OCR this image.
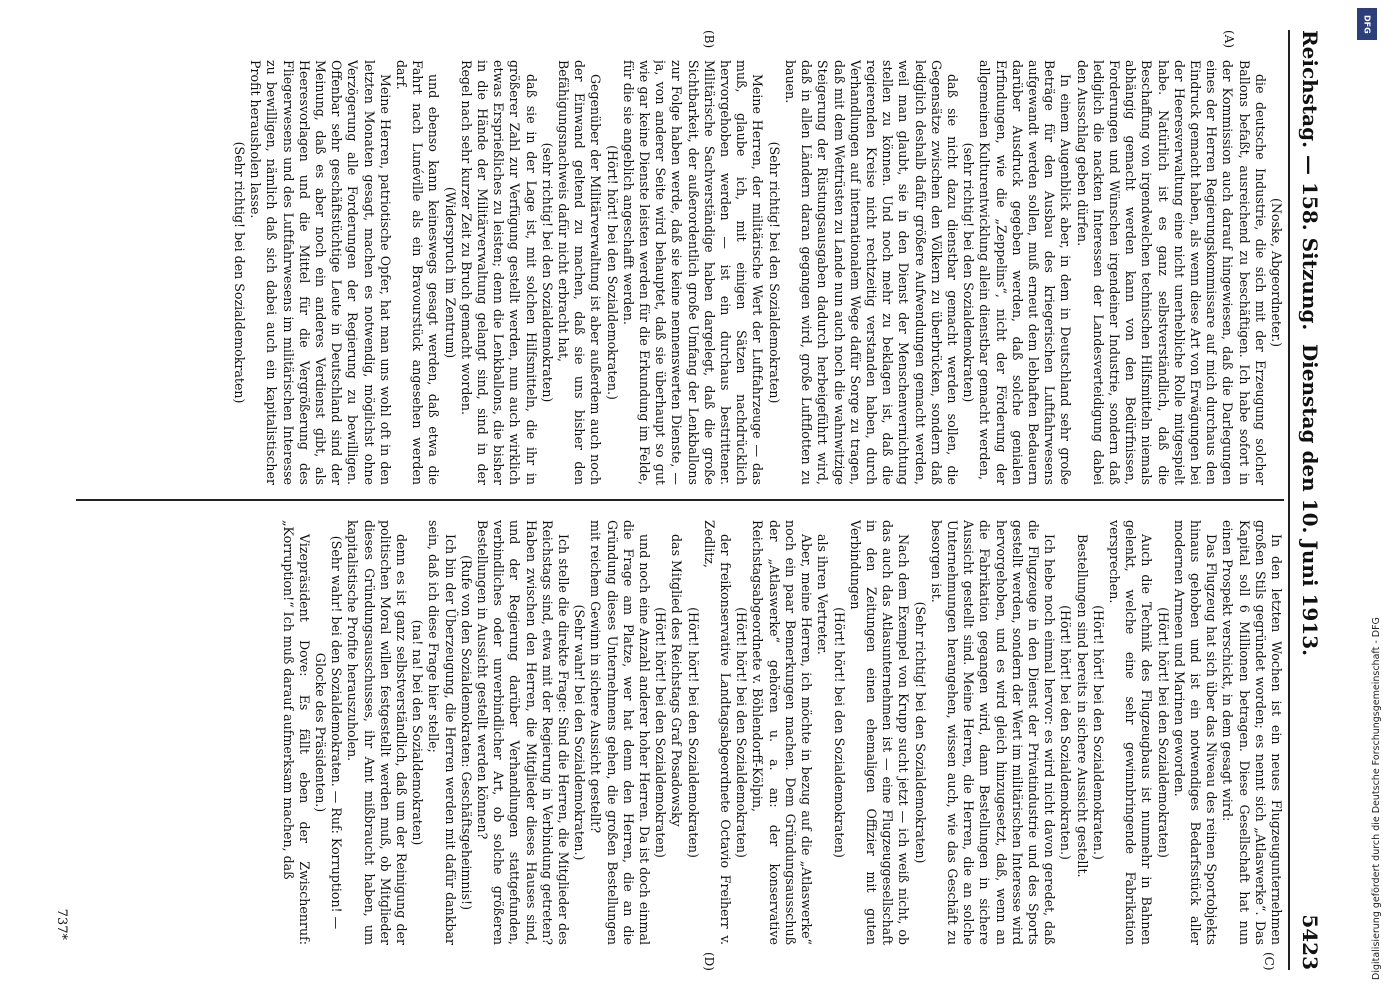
Reichstag. — 158. Sitzung.
Dienstag den 10. Juni 1913.
5423
(A)
(B)
(C)
(D)

(Noske, Abgeordneter.)

die deutsche Industrie, die sich mit der Erzeugung solcher Ballons befaßt, ausreichend zu beschäftigen. Ich habe sofort in der Kommission auch darauf hingewiesen, daß die Darlegungen eines der Herren Regierungskommissare auf mich durchaus den Eindruck gemacht haben, als wenn diese Art von Erwägungen bei der Heeresverwaltung eine nicht unerhebliche Rolle mitgespielt habe. Natürlich ist es ganz selbstverständlich, daß die Beschaffung von irgendwelchen technischen Hilfsmitteln niemals abhängig gemacht werden kann von den Bedürfnissen, Forderungen und Wünschen irgendeiner Industrie, sondern daß lediglich die nackten Interessen der Landesverteidigung dabei den Ausschlag geben dürfen.

In einem Augenblick aber, in dem in Deutschland sehr große Beträge für den Ausbau des kriegerischen Luftfahrwesens aufgewandt werden sollen, muß erneut dem lebhaften Bedauern darüber Ausdruck gegeben werden, daß solche genialen Erfindungen, wie die „Zeppelins“, nicht der Förderung der allgemeinen Kulturentwicklung allein dienstbar gemacht werden,

(sehr richtig! bei den Sozialdemokraten)

daß sie nicht dazu dienstbar gemacht werden sollen, die Gegensätze zwischen den Völkern zu überbrücken, sondern daß lediglich deshalb dafür größere Aufwendungen gemacht werden, weil man glaubt, sie in den Dienst der Menschenvernichtung stellen zu können. Und noch mehr zu beklagen ist, daß die regierenden Kreise nicht rechtzeitig verstanden haben, durch Verhandlungen auf internationalem Wege dafür Sorge zu tragen, daß mit dem Wettrüsten zu Lande nun auch noch die wahnwitzige Steigerung der Rüstungsausgaben dadurch herbeigeführt wird, daß in allen Ländern daran gegangen wird, große Luftflotten zu bauen.

(Sehr richtig! bei den Sozialdemokraten)

Meine Herren, der militärische Wert der Luftfahrzeuge — das muß, glaube ich, mit einigen Sätzen nachdrücklich hervorgehoben werden — ist ein durchaus bestrittener. Militärische Sachverständige haben dargelegt, daß die große Sichtbarkeit, der außerordentlich große Umfang der Lenkballons zur Folge haben werde, daß sie keine nennenswerten Dienste, — ja, von anderer Seite wird behauptet, daß sie überhaupt so gut wie gar keine Dienste leisten werden für die Erkundung im Felde, für die sie angeblich angeschafft werden.

(Hört! hört! bei den Sozialdemokraten.)

Gegenüber der Militärverwaltung ist aber außerdem auch noch der Einwand geltend zu machen, daß sie uns bisher den Befähigungsnachweis dafür nicht erbracht hat,

(sehr richtig! bei den Sozialdemokraten)

daß sie in der Lage ist, mit solchen Hilfsmitteln, die ihr in größerer Zahl zur Verfügung gestellt werden, nun auch wirklich etwas Ersprießliches zu leisten; denn die Lenkballons, die bisher in die Hände der Militärverwaltung gelangt sind, sind in der Regel nach sehr kurzer Zeit zu Bruch gemacht worden.

(Widerspruch im Zentrum)

und ebenso kann keineswegs gesagt werden, daß etwa die Fahrt nach Lunéville als ein Bravourstück angesehen werden darf.

Meine Herren, patriotische Opfer, hat man uns wohl oft in den letzten Monaten gesagt, machen es notwendig, möglichst ohne Verzögerung alle Forderungen der Regierung zu bewilligen. Offenbar sehr geschäftstüchtige Leute in Deutschland sind der Meinung, daß es aber noch ein anderes Verdienst gibt, als Heeresvorlagen und die Mittel für die Vergrößerung des Fliegerwesens und des Luftfahrwesens im militärischen Interesse zu bewilligen, nämlich daß sich dabei auch ein kapitalistischer Profit herausholen lasse.

(Sehr richtig! bei den Sozialdemokraten)

In den letzten Wochen ist ein neues Flugzeugunternehmen großen Stils gegründet worden; es nennt sich „Atlaswerke“. Das Kapital soll 6 Millionen betragen. Diese Gesellschaft hat nun einen Prospekt verschickt, in dem gesagt wird:

Das Flugzeug hat sich über das Niveau des reinen Sportobjekts hinaus gehoben und ist ein notwendiges Bedarfsstück aller modernen Armeen und Marinen geworden.

(Hört! hört! bei den Sozialdemokraten)

Auch die Technik des Flugzeugbaus ist nunmehr in Bahnen gelenkt, welche eine sehr gewinnbringende Fabrikation versprechen.

(Hört! hört! bei den Sozialdemokraten.)

Bestellungen sind bereits in sichere Aussicht gestellt.

(Hört! hört! bei den Sozialdemokraten.)

Ich hebe noch einmal hervor: es wird nicht davon geredet, daß die Flugzeuge in den Dienst der Privatindustrie und des Sports gestellt werden, sondern der Wert im militärischen Interesse wird hervorgehoben, und es wird gleich hinzugesetzt, daß, wenn an die Fabrikation gegangen wird, dann Bestellungen in sichere Aussicht gestellt sind. Meine Herren, die Herren, die an solche Unternehmungen herangehen, wissen auch, wie das Geschäft zu besorgen ist.

(Sehr richtig! bei den Sozialdemokraten)

Nach dem Exempel von Krupp sucht jetzt — ich weiß nicht, ob das auch das Atlasunternehmen ist — eine Flugzeuggesellschaft in den Zeitungen einen ehemaligen Offizier mit guten Verbindungen

(Hört! hört! bei den Sozialdemokraten)

als ihren Vertreter.

Aber, meine Herren, ich möchte in bezug auf die „Atlaswerke“ noch ein paar Bemerkungen machen. Dem Gründungsausschuß der „Atlaswerke“ gehören u. a. an: der konservative Reichstagsabgeordnete v. Böhlendorff-Kölpin,

(Hört! hört! bei den Sozialdemokraten)

der freikonservative Landtagsabgeordnete Octavio Freiherr v. Zedlitz,

(Hört! hört! bei den Sozialdemokraten)

das Mitglied des Reichstags Graf Posadowsky

(Hört! hört! bei den Sozialdemokraten)

und noch eine Anzahl anderer hoher Herren. Da ist doch einmal die Frage am Platze, wer hat denn den Herren, die an die Gründung dieses Unternehmens gehen, die großen Bestellungen mit reichem Gewinn in sichere Aussicht gestellt?

(Sehr wahr! bei den Sozialdemokraten.)

Ich stelle die direkte Frage: Sind die Herren, die Mitglieder des Reichstags sind, etwa mit der Regierung in Verbindung getreten? Haben zwischen den Herren, die Mitglieder dieses Hauses sind, und der Regierung darüber Verhandlungen stattgefunden, verbindliches oder unverbindlicher Art, ob solche größeren Bestellungen in Aussicht gestellt werden können?

(Rufe von den Sozialdemokraten: Geschäftsgeheimnis!)

Ich bin der Überzeugung, die Herren werden mit dafür dankbar sein, daß ich diese Frage hier stelle;

(na! na! bei den Sozialdemokraten)

denn es ist ganz selbstverständlich, daß um der Reinigung der politischen Moral willen festgestellt werden muß, ob Mitglieder dieses Gründungsausschusses, ihr Amt mißbraucht haben, um kapitalistische Profite herauszuholen.

(Sehr wahr! bei den Sozialdemokraten. — Ruf: Korruption! — Glocke des Präsidenten.)

Vizepräsident Dove: Es fällt eben der Zwischenruf: „Korruption!“ Ich muß darauf aufmerksam machen, daß

737*
DFG
Digitalisierung gefördert durch die Deutsche Forschungsgemeinschaft - DFG
